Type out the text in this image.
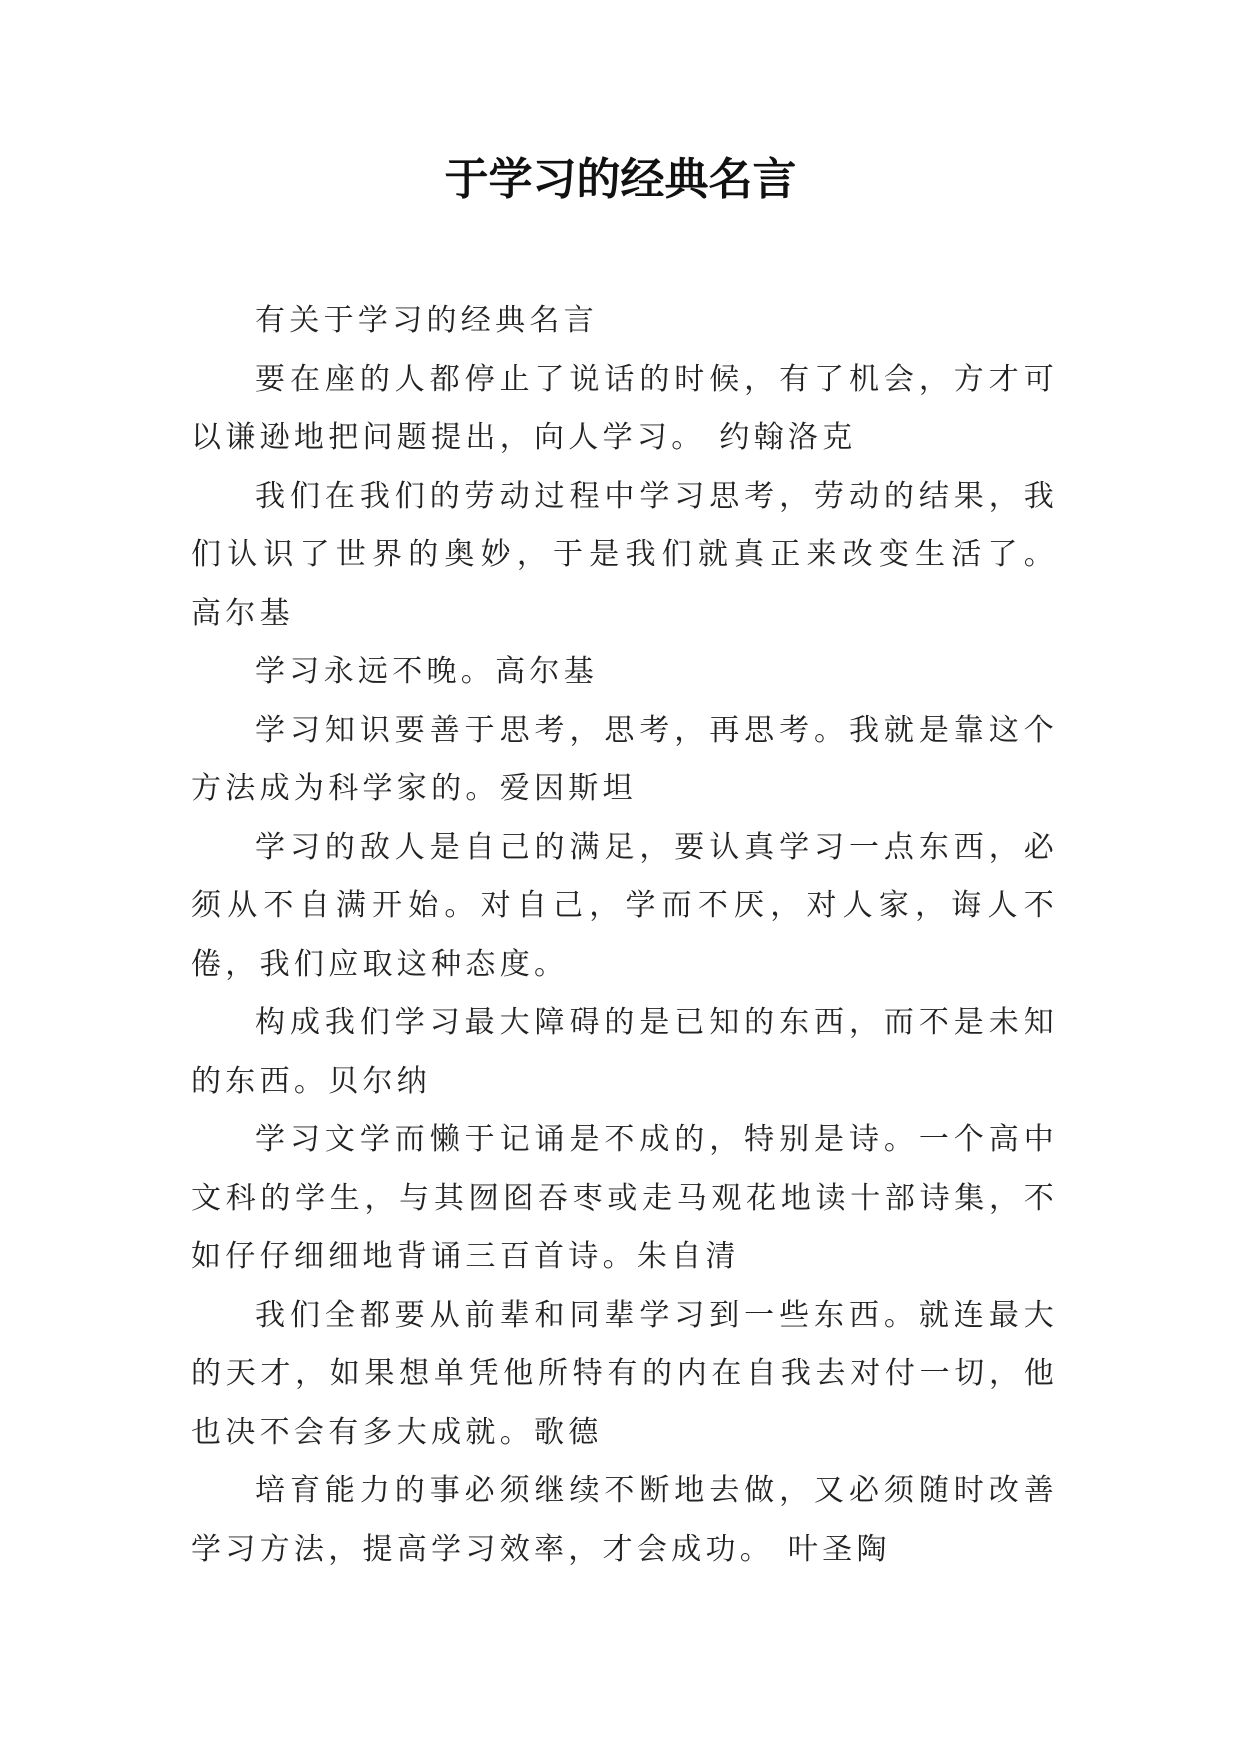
于学习的经典名言

有关于学习的经典名言

要在座的人都停止了说话的时候，有了机会，方才可以谦逊地把问题提出，向人学习。 约翰洛克

我们在我们的劳动过程中学习思考，劳动的结果，我们认识了世界的奥妙，于是我们就真正来改变生活了。 高尔基

学习永远不晚。高尔基

学习知识要善于思考，思考，再思考。我就是靠这个方法成为科学家的。爱因斯坦

学习的敌人是自己的满足，要认真学习一点东西，必须从不自满开始。对自己，学而不厌，对人家，诲人不倦，我们应取这种态度。

构成我们学习最大障碍的是已知的东西，而不是未知的东西。贝尔纳

学习文学而懒于记诵是不成的，特别是诗。一个高中文科的学生，与其囫囵吞枣或走马观花地读十部诗集，不如仔仔细细地背诵三百首诗。朱自清

我们全都要从前辈和同辈学习到一些东西。就连最大的天才，如果想单凭他所特有的内在自我去对付一切，他也决不会有多大成就。歌德

培育能力的事必须继续不断地去做，又必须随时改善学习方法，提高学习效率，才会成功。 叶圣陶
